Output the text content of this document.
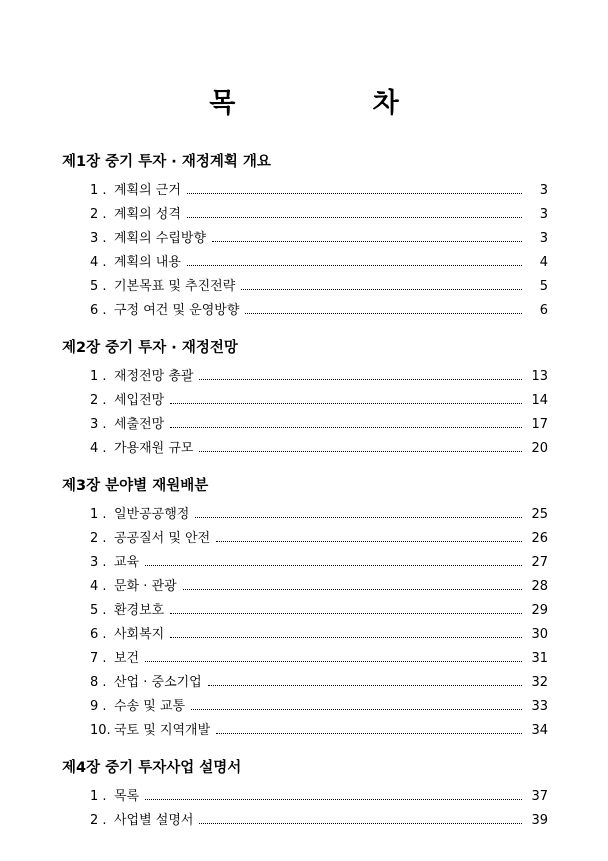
목 차
제1장 중기 투자 · 재정계획 개요
1 . 계획의 근거	3
2 . 계획의 성격	3
3 . 계획의 수립방향	3
4 . 계획의 내용	4
5 . 기본목표 및 추진전략	5
6 . 구정 여건 및 운영방향	6
제2장 중기 투자 · 재정전망
1 . 재정전망 총괄	13
2 . 세입전망	14
3 . 세출전망	17
4 . 가용재원 규모	20
제3장 분야별 재원배분
1 . 일반공공행정	25
2 . 공공질서 및 안전	26
3 . 교육	27
4 . 문화 · 관광	28
5 . 환경보호	29
6 . 사회복지	30
7 . 보건	31
8 . 산업 · 중소기업	32
9 . 수송 및 교통	33
10. 국토 및 지역개발	34
제4장 중기 투자사업 설명서
1 . 목록	37
2 . 사업별 설명서	39
